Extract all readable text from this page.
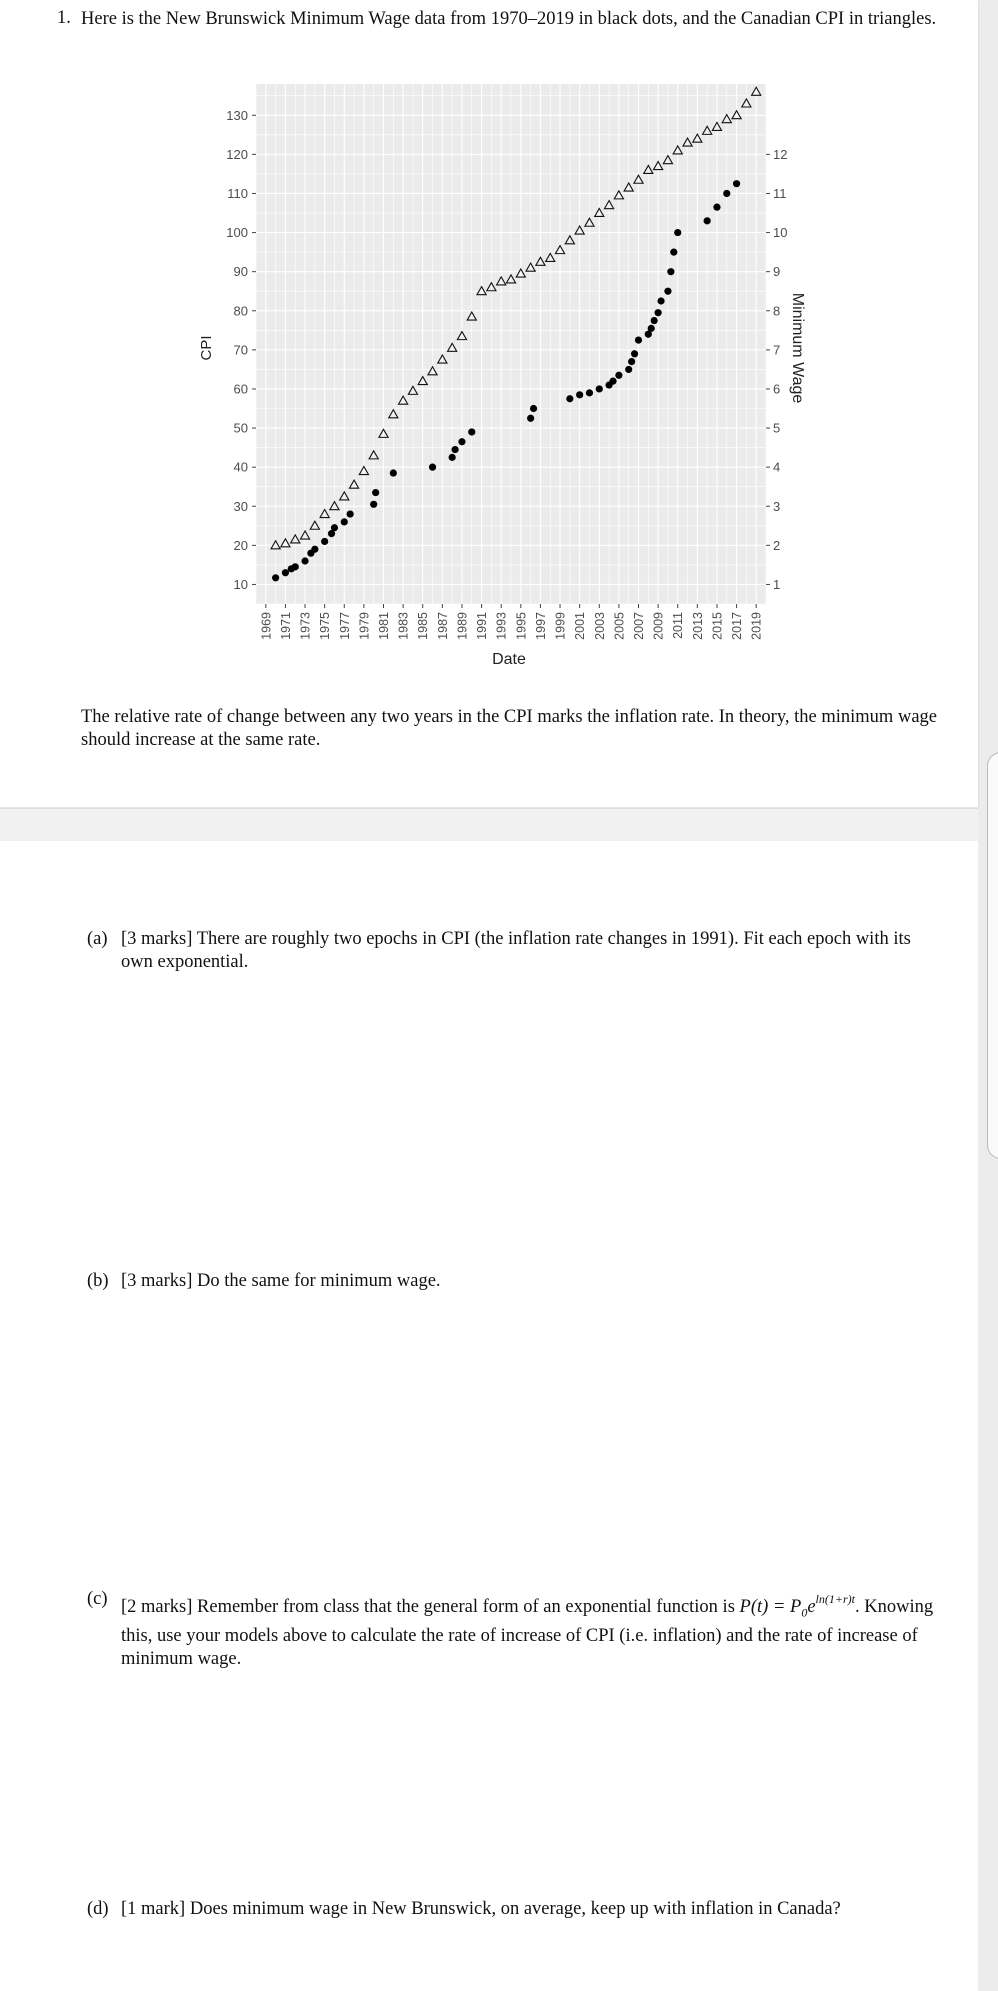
1. Here is the New Brunswick Minimum Wage data from 1970–2019 in black dots, and the Canadian CPI in triangles.
10
20
30
40
50
60
70
80
90
100
110
120
130
1
2
3
4
5
6
7
8
9
10
11
12
1969 1971 1973 1975 1977 1979 1981 1983 1985 1987 1989 1991 1993 1995 1997 1999 2001 2003 2005 2007 2009 2011 2013 2015 2017 2019
CPI	Minimum Wage
Date
The relative rate of change between any two years in the CPI marks the inflation rate. In theory, the minimum wage should increase at the same rate.
(a) [3 marks] There are roughly two epochs in CPI (the inflation rate changes in 1991). Fit each epoch with its own exponential.
(b) [3 marks] Do the same for minimum wage.
(c) [2 marks] Remember from class that the general form of an exponential function is $P(t) = P_0e^{ln(1+r)t}$. Knowing this, use your models above to calculate the rate of increase of CPI (i.e. inflation) and the rate of increase of minimum wage.
(d) [1 mark] Does minimum wage in New Brunswick, on average, keep up with inflation in Canada?
